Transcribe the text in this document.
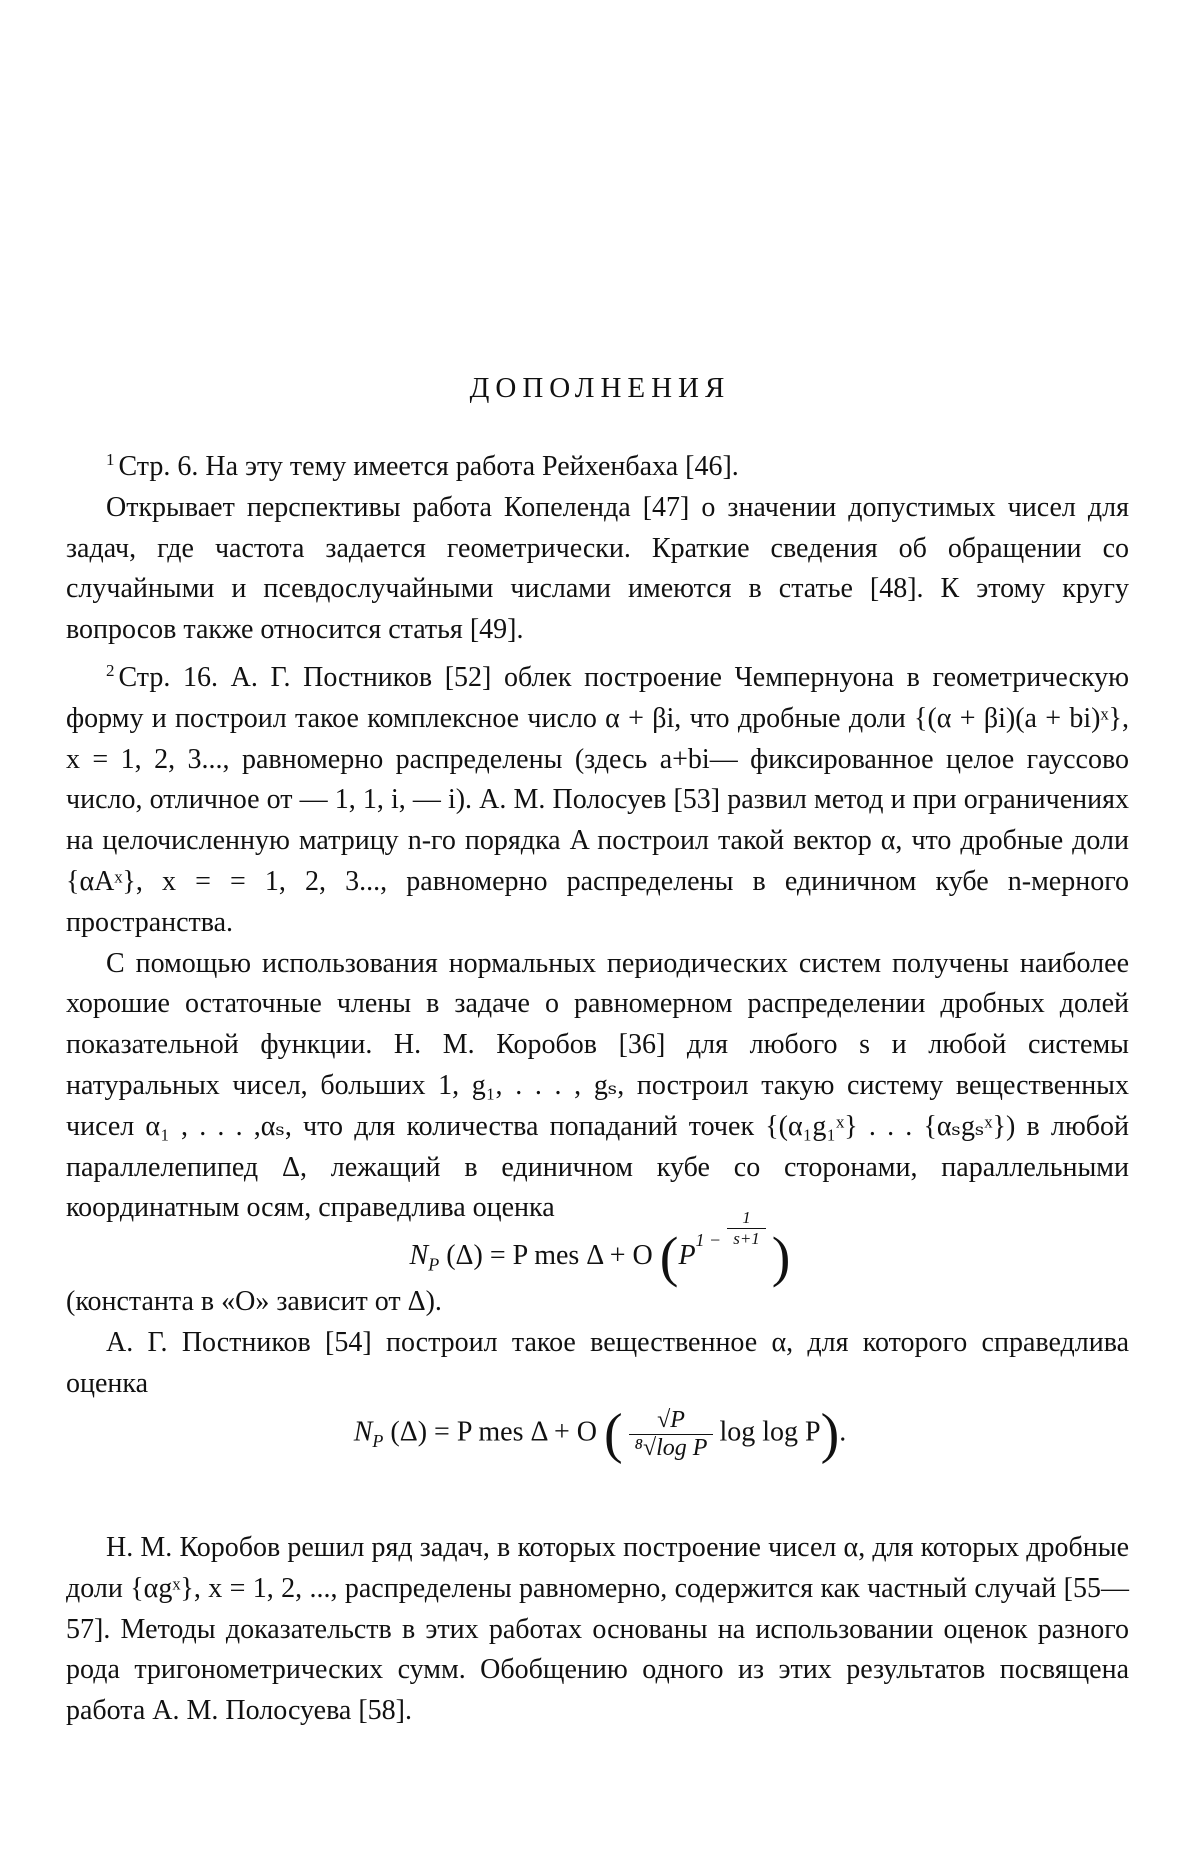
ДОПОЛНЕНИЯ

$^1$ Стр. 6. На эту тему имеется работа Рейхенбаха [46].

Открывает перспективы работа Копеленда [47] о значении допустимых чисел для задач, где частота задается геометрически. Краткие сведения об обращении со случайными и псевдослучайными числами имеются в статье [48]. К этому кругу вопросов также относится статья [49].

$^2$ Стр. 16. А. Г. Постников [52] облек построение Чемпернуона в геометрическую форму и построил такое комплексное число α + βi, что дробные доли {(α + βi)(a + bi)ˣ}, x = 1, 2, 3..., равномерно распределены (здесь a+bi— фиксированное целое гауссово число, отличное от — 1, 1, i, — i). А. М. Полосуев [53] развил метод и при ограничениях на целочисленную матрицу n-го порядка A построил такой вектор α, что дробные доли {αAˣ}, x = = 1, 2, 3..., равномерно распределены в единичном кубе n-мерного пространства.

С помощью использования нормальных периодических систем получены наиболее хорошие остаточные члены в задаче о равномерном распределении дробных долей показательной функции. Н. М. Коробов [36] для любого s и любой системы натуральных чисел, больших 1, g₁, . . . , gₛ, построил такую систему вещественных чисел α₁ , . . . ,αₛ, что для количества попаданий точек {(α₁g₁ˣ} . . . {αₛgₛˣ}) в любой параллелепипед Δ, лежащий в единичном кубе со сторонами, параллельными координатным осям, справедлива оценка

$N_P$ (Δ) = P mes Δ + O ($P^{1 -} \frac{1}{s+1}$ )

(константа в «O» зависит от Δ).

А. Г. Постников [54] построил такое вещественное α, для которого справедлива оценка

$N_P$ (Δ) = P mes Δ + O ( $\frac{√P}{\text{⁸√log P}}$ log log P).

Н. М. Коробов решил ряд задач, в которых построение чисел α, для которых дробные доли {αgˣ}, x = 1, 2, ..., распределены равномерно, содержится как частный случай [55—57]. Методы доказательств в этих работах основаны на использовании оценок разного рода тригонометрических сумм. Обобщению одного из этих результатов посвящена работа А. М. Полосуева [58].
